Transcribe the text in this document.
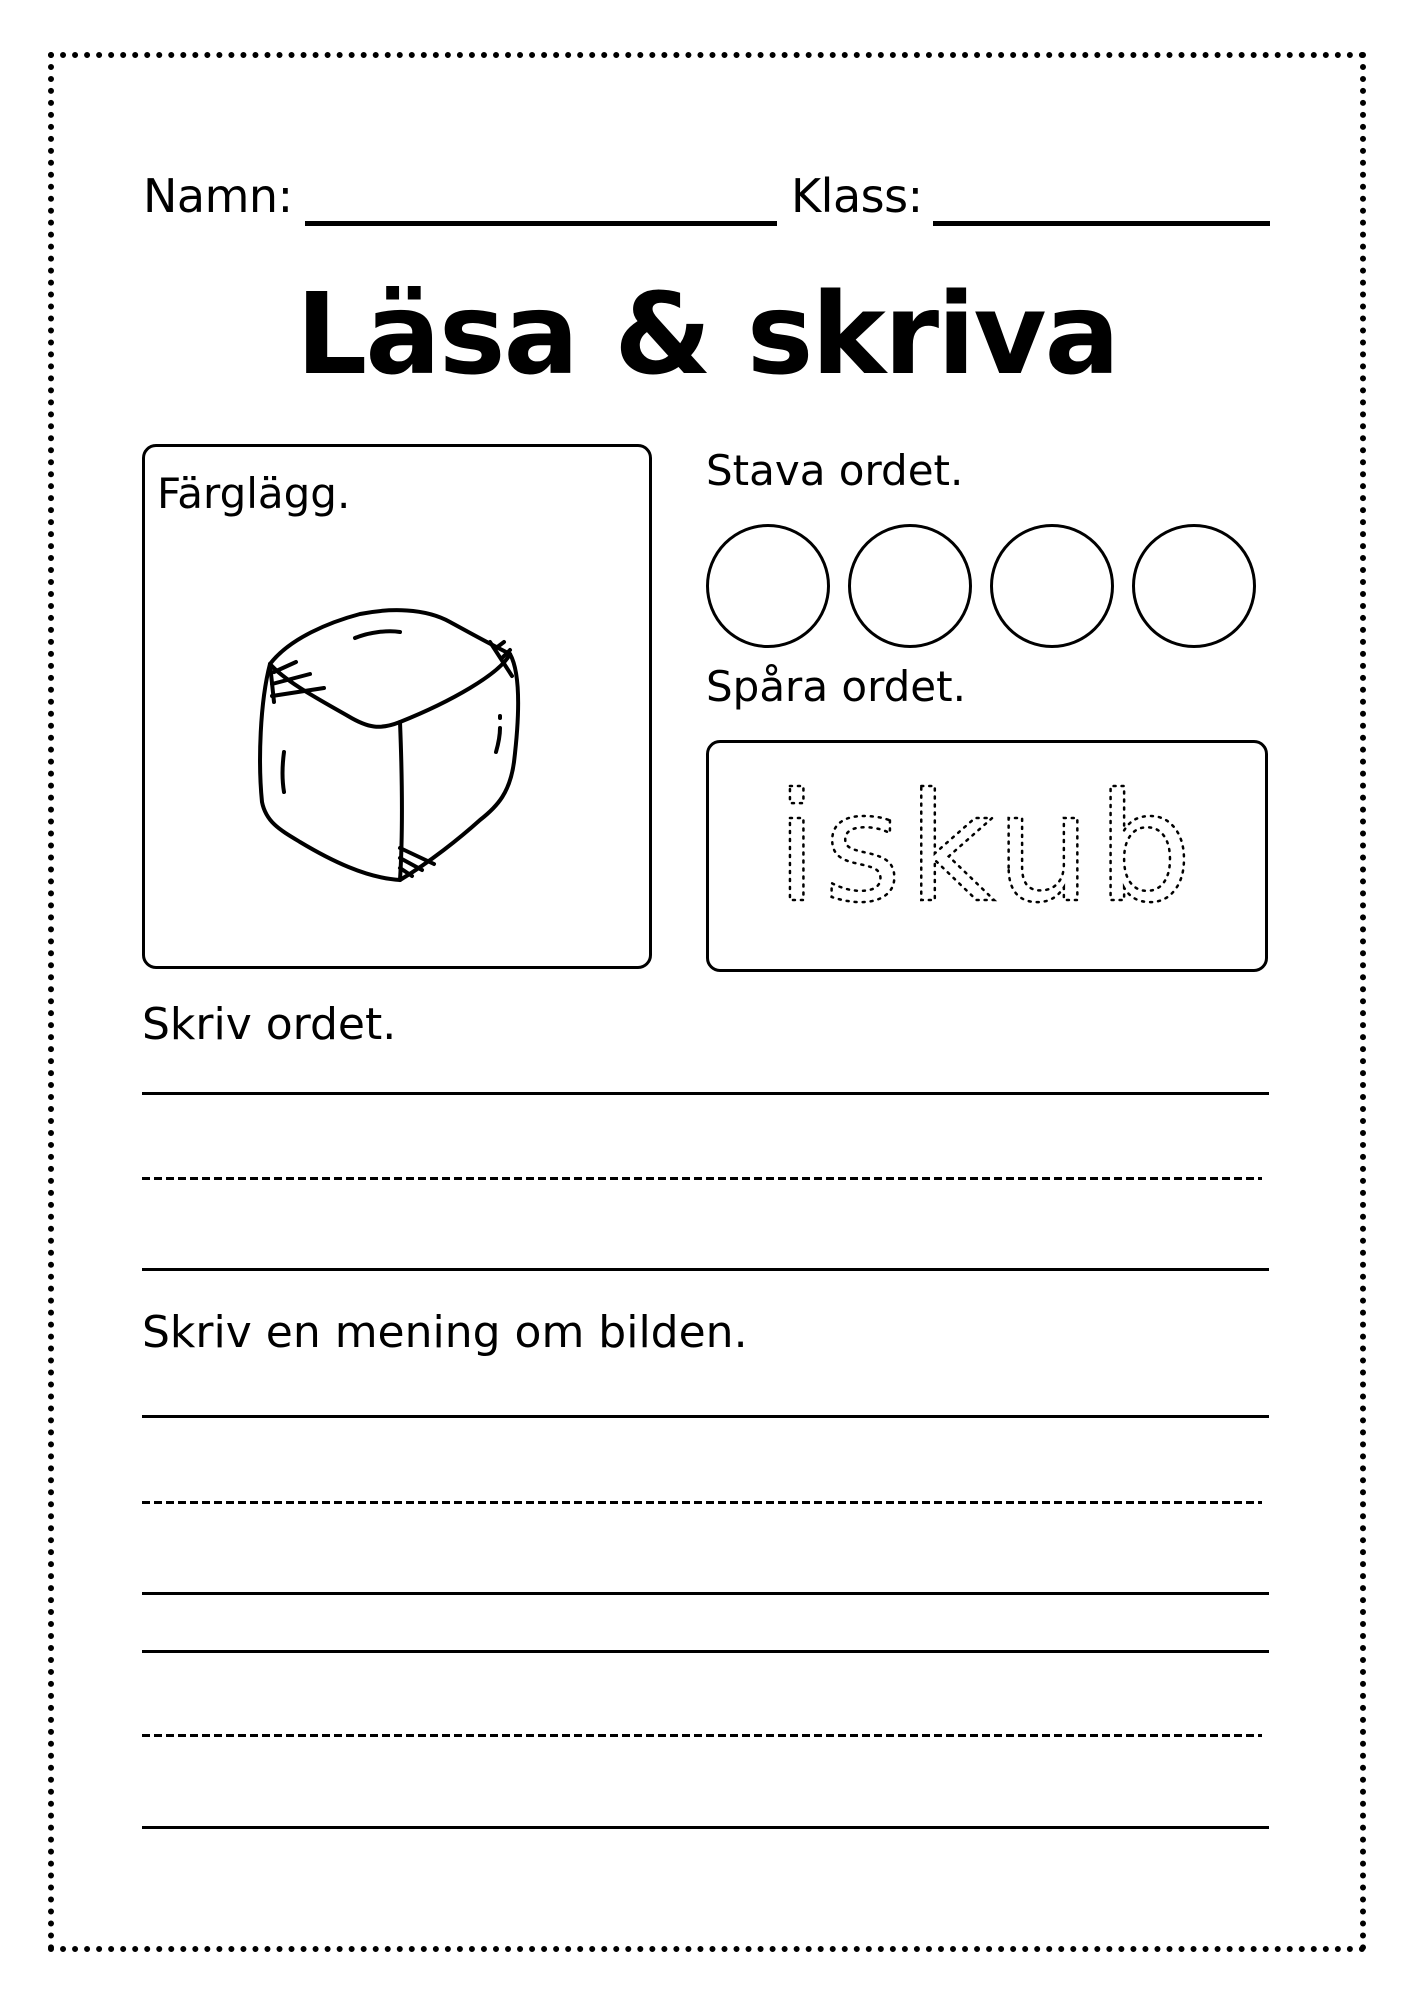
Namn:	Klass:
Läsa & skriva
Färglägg.	Stava ordet.
Spåra ordet.
iskub
Skriv ordet.
Skriv en mening om bilden.
